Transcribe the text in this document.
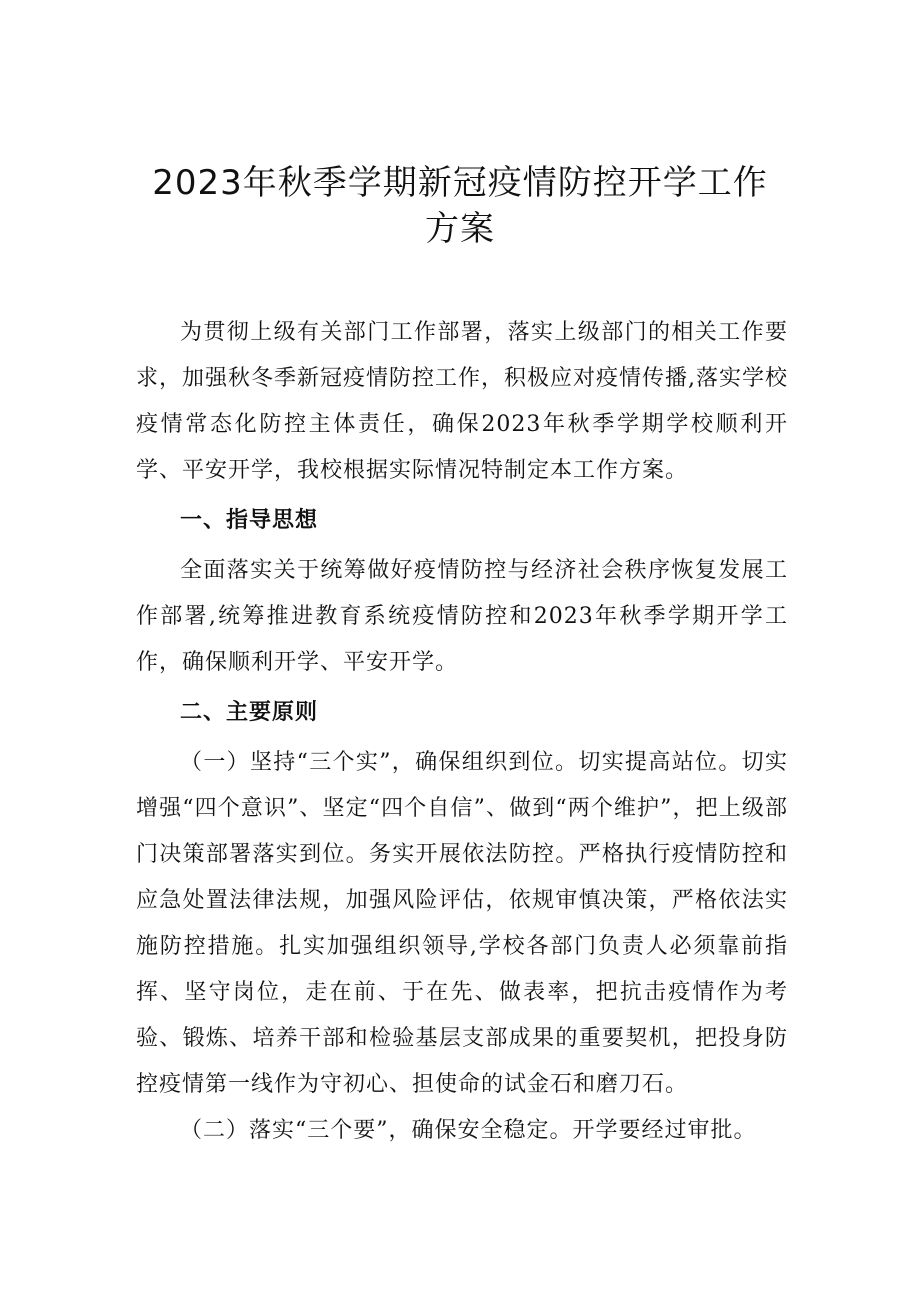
2023年秋季学期新冠疫情防控开学工作方案

为贯彻上级有关部门工作部署，落实上级部门的相关工作要求，加强秋冬季新冠疫情防控工作，积极应对疫情传播,落实学校疫情常态化防控主体责任，确保2023年秋季学期学校顺利开学、平安开学，我校根据实际情况特制定本工作方案。

一、指导思想

全面落实关于统筹做好疫情防控与经济社会秩序恢复发展工作部署,统筹推进教育系统疫情防控和2023年秋季学期开学工作，确保顺利开学、平安开学。

二、主要原则

（一）坚持“三个实”，确保组织到位。切实提高站位。切实增强“四个意识”、坚定“四个自信”、做到“两个维护”，把上级部门决策部署落实到位。务实开展依法防控。严格执行疫情防控和应急处置法律法规，加强风险评估，依规审慎决策，严格依法实施防控措施。扎实加强组织领导,学校各部门负责人必须靠前指挥、坚守岗位，走在前、于在先、做表率，把抗击疫情作为考验、锻炼、培养干部和检验基层支部成果的重要契机，把投身防控疫情第一线作为守初心、担使命的试金石和磨刀石。

（二）落实“三个要”，确保安全稳定。开学要经过审批。
